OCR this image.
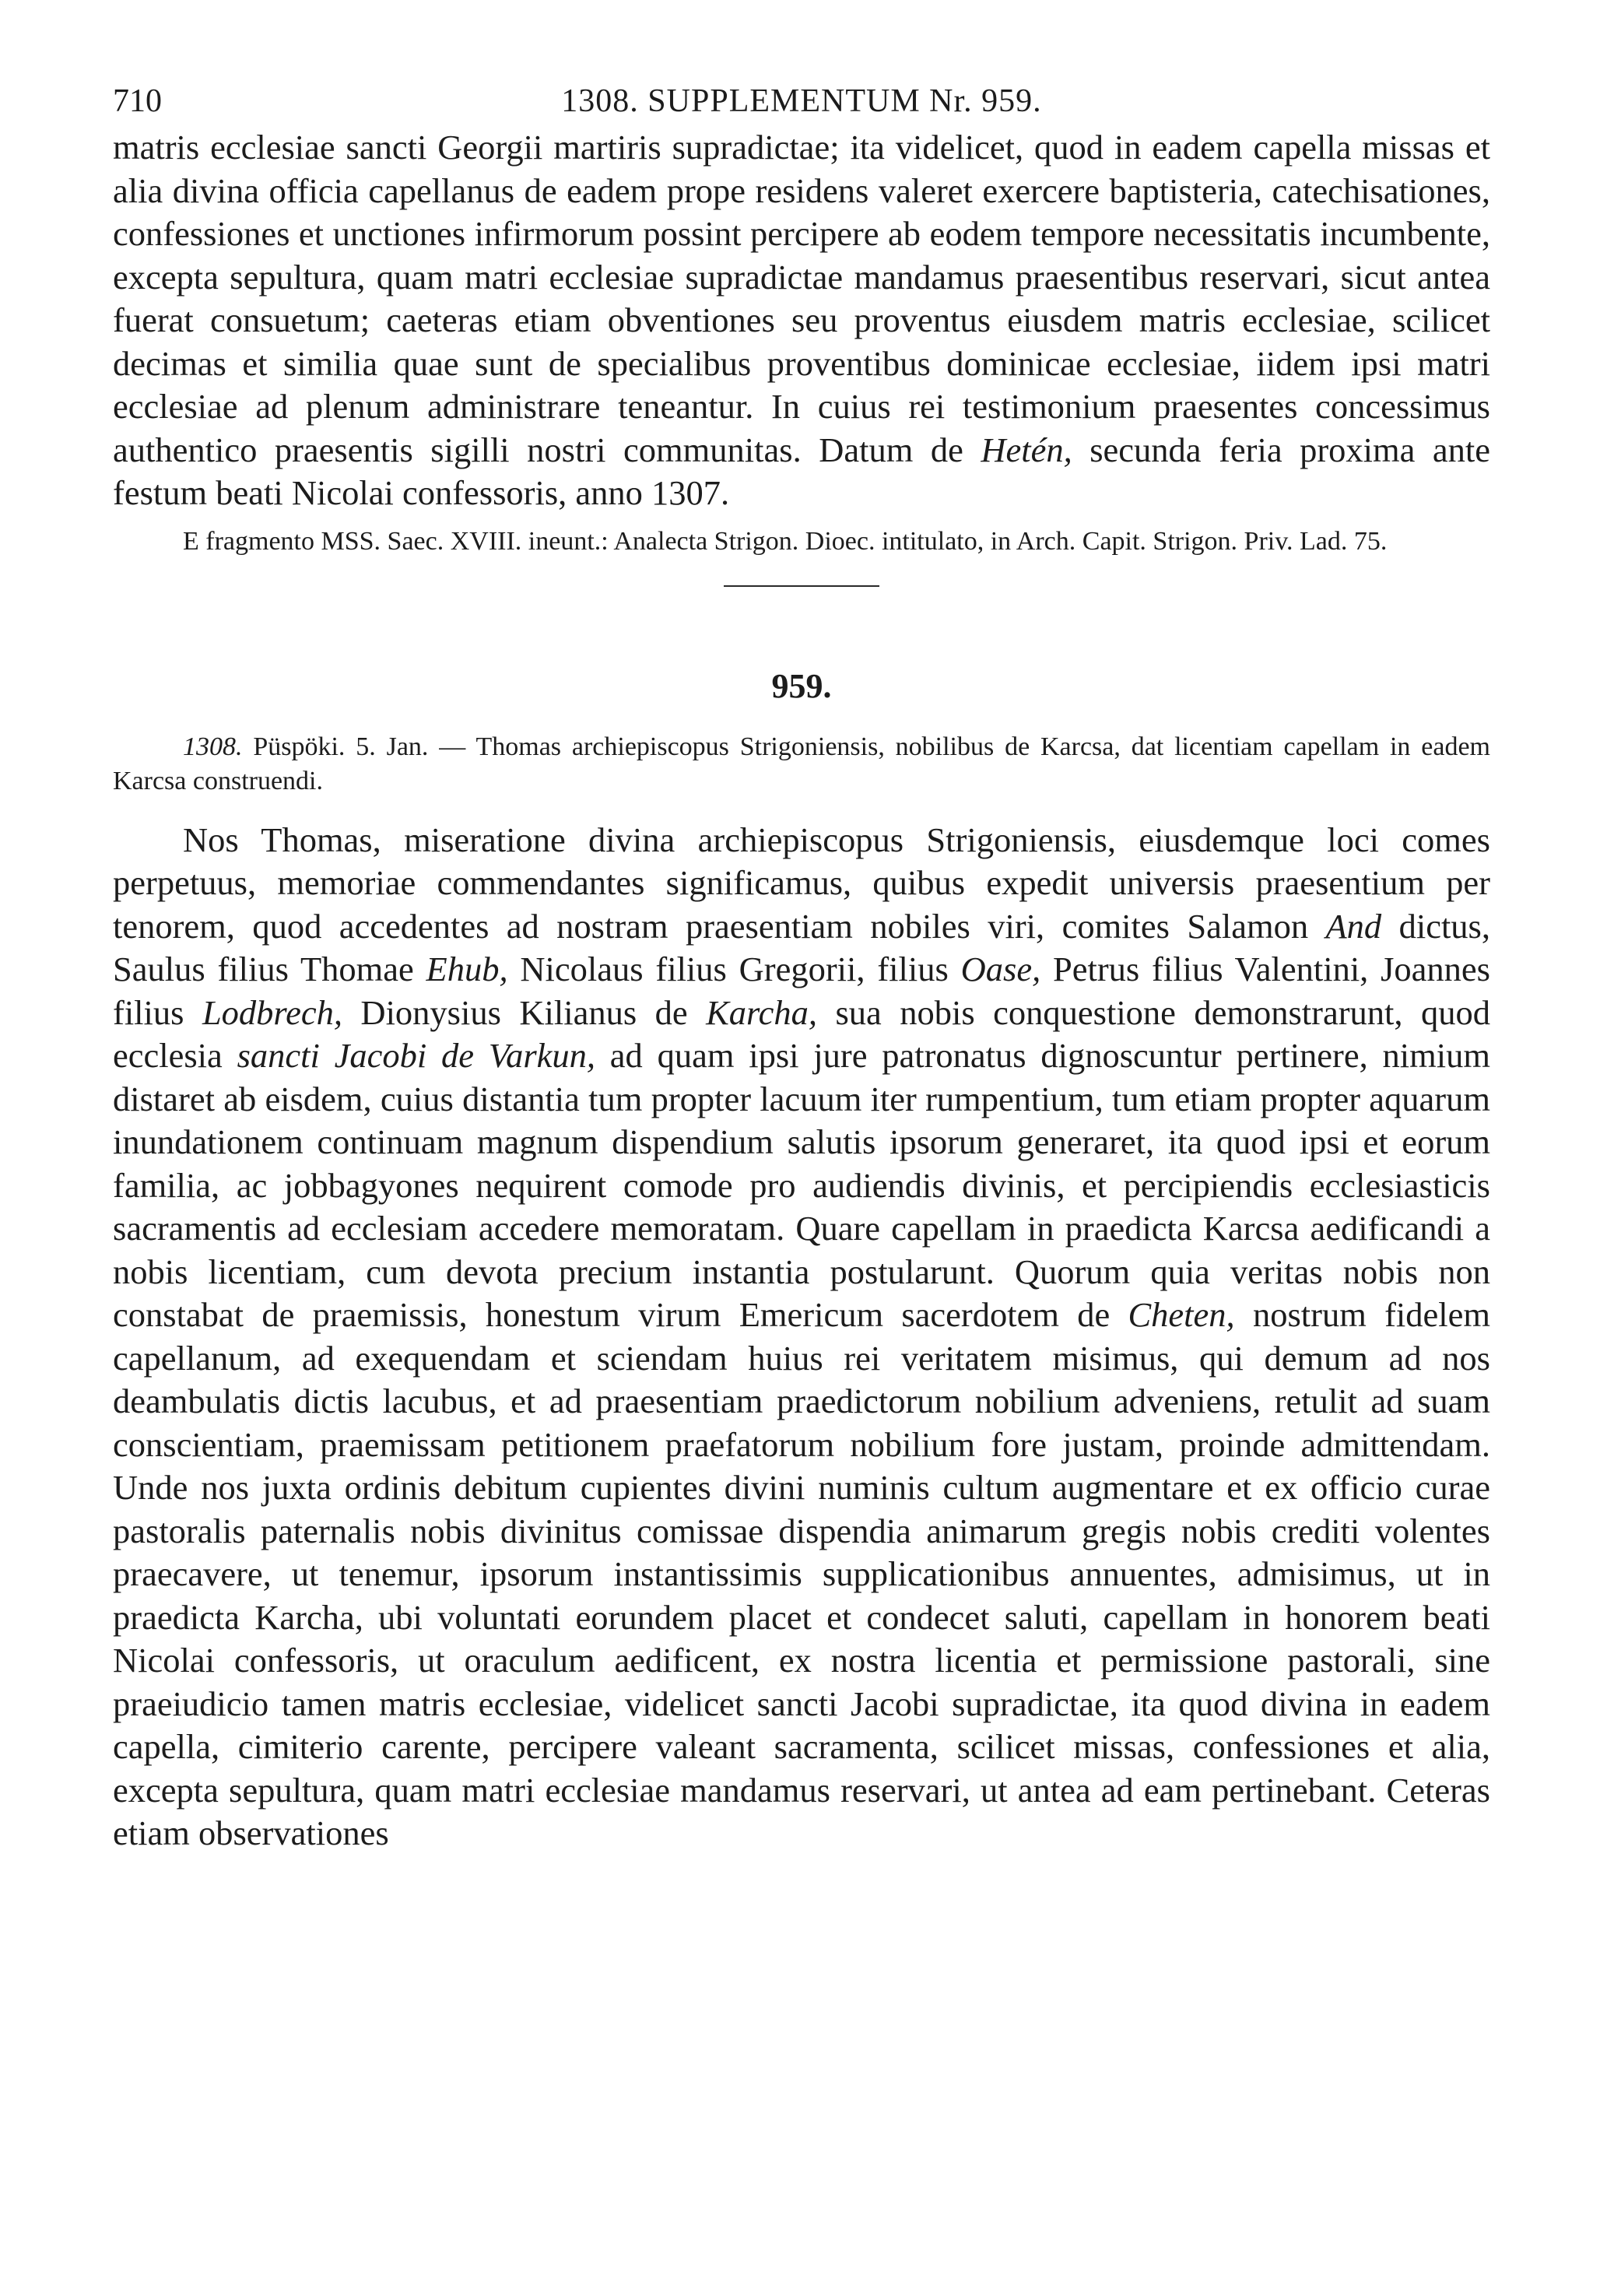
710	1308. SUPPLEMENTUM Nr. 959.

matris ecclesiae sancti Georgii martiris supradictae; ita videlicet, quod in eadem capella missas et alia divina officia capellanus de eadem prope residens valeret exercere baptisteria, catechisationes, confessiones et unctiones infirmorum possint percipere ab eodem tempore necessitatis incumbente, excepta sepultura, quam matri ecclesiae supradictae mandamus praesentibus reservari, sicut antea fuerat consuetum; caeteras etiam obventiones seu proventus eiusdem matris ecclesiae, scilicet decimas et similia quae sunt de specialibus proventibus dominicae ecclesiae, iidem ipsi matri ecclesiae ad plenum administrare teneantur. In cuius rei testimonium praesentes concessimus authentico praesentis sigilli nostri communitas. Datum de Hetén, secunda feria proxima ante festum beati Nicolai confessoris, anno 1307.

E fragmento MSS. Saec. XVIII. ineunt.: Analecta Strigon. Dioec. intitulato, in Arch. Capit. Strigon. Priv. Lad. 75.
959.
1308. Püspöki. 5. Jan. — Thomas archiepiscopus Strigoniensis, nobilibus de Karcsa, dat licentiam capellam in eadem Karcsa construendi.

Nos Thomas, miseratione divina archiepiscopus Strigoniensis, eiusdemque loci comes perpetuus, memoriae commendantes significamus, quibus expedit universis praesentium per tenorem, quod accedentes ad nostram praesentiam nobiles viri, comites Salamon And dictus, Saulus filius Thomae Ehub, Nicolaus filius Gregorii, filius Oase, Petrus filius Valentini, Joannes filius Lodbrech, Dionysius Kilianus de Karcha, sua nobis conquestione demonstrarunt, quod ecclesia sancti Jacobi de Varkun, ad quam ipsi jure patronatus dignoscuntur pertinere, nimium distaret ab eisdem, cuius distantia tum propter lacuum iter rumpentium, tum etiam propter aquarum inundationem continuam magnum dispendium salutis ipsorum generaret, ita quod ipsi et eorum familia, ac jobbagyones nequirent comode pro audiendis divinis, et percipiendis ecclesiasticis sacramentis ad ecclesiam accedere memoratam. Quare capellam in praedicta Karcsa aedificandi a nobis licentiam, cum devota precium instantia postularunt. Quorum quia veritas nobis non constabat de praemissis, honestum virum Emericum sacerdotem de Cheten, nostrum fidelem capellanum, ad exequendam et sciendam huius rei veritatem misimus, qui demum ad nos deambulatis dictis lacubus, et ad praesentiam praedictorum nobilium adveniens, retulit ad suam conscientiam, praemissam petitionem praefatorum nobilium fore justam, proinde admittendam. Unde nos juxta ordinis debitum cupientes divini numinis cultum augmentare et ex officio curae pastoralis paternalis nobis divinitus comissae dispendia animarum gregis nobis crediti volentes praecavere, ut tenemur, ipsorum instantissimis supplicationibus annuentes, admisimus, ut in praedicta Karcha, ubi voluntati eorundem placet et condecet saluti, capellam in honorem beati Nicolai confessoris, ut oraculum aedificent, ex nostra licentia et permissione pastorali, sine praeiudicio tamen matris ecclesiae, videlicet sancti Jacobi supradictae, ita quod divina in eadem capella, cimiterio carente, percipere valeant sacramenta, scilicet missas, confessiones et alia, excepta sepultura, quam matri ecclesiae mandamus reservari, ut antea ad eam pertinebant. Ceteras etiam observationes
